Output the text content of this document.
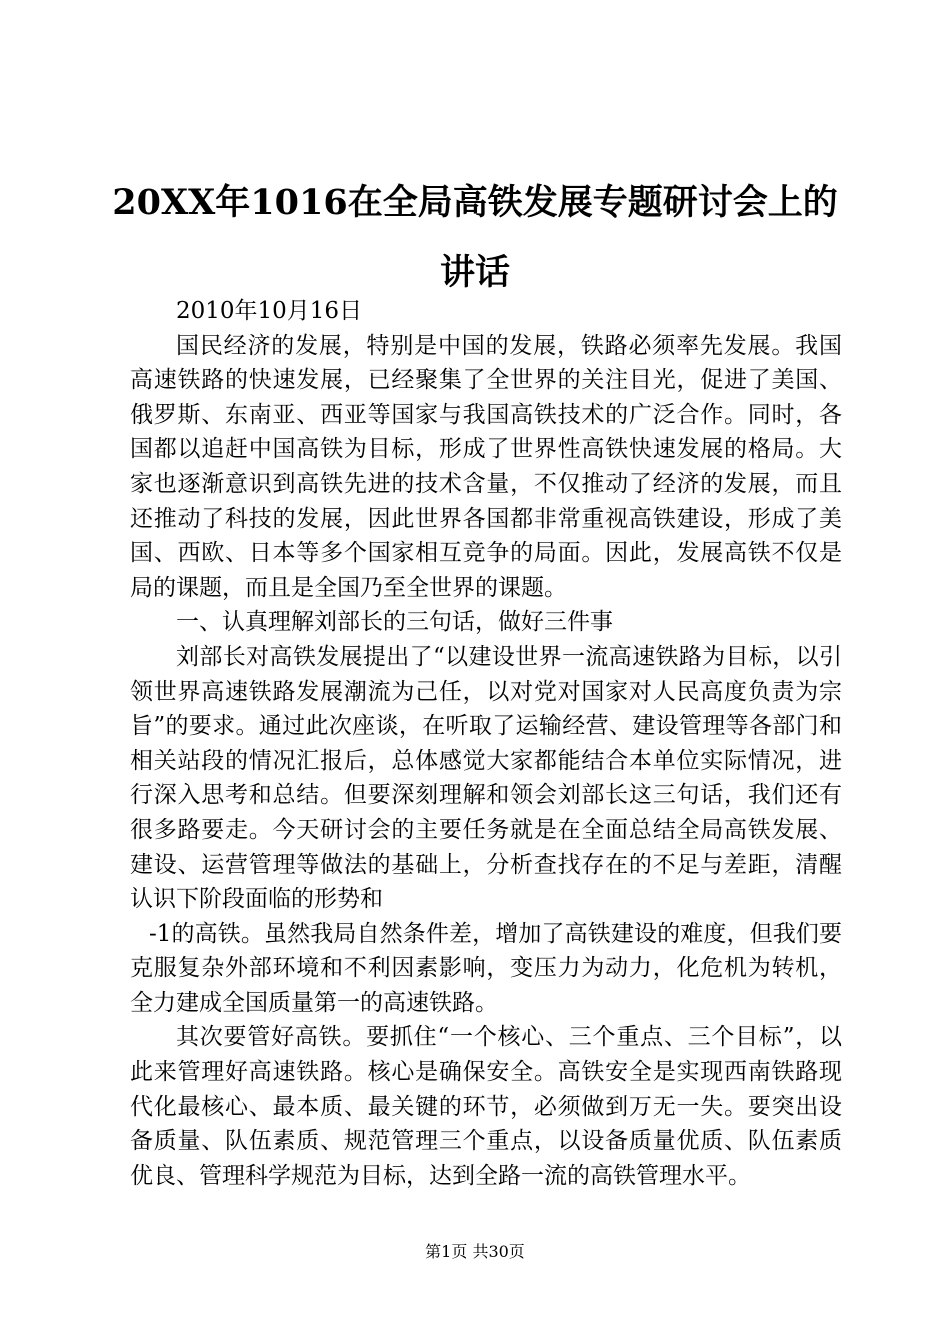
20XX年1016在全局高铁发展专题研讨会上的讲话

2010年10月16日

国民经济的发展，特别是中国的发展，铁路必须率先发展。我国高速铁路的快速发展，已经聚集了全世界的关注目光，促进了美国、俄罗斯、东南亚、西亚等国家与我国高铁技术的广泛合作。同时，各国都以追赶中国高铁为目标，形成了世界性高铁快速发展的格局。大家也逐渐意识到高铁先进的技术含量，不仅推动了经济的发展，而且还推动了科技的发展，因此世界各国都非常重视高铁建设，形成了美国、西欧、日本等多个国家相互竞争的局面。因此，发展高铁不仅是局的课题，而且是全国乃至全世界的课题。

一、认真理解刘部长的三句话，做好三件事

刘部长对高铁发展提出了“以建设世界一流高速铁路为目标，以引领世界高速铁路发展潮流为己任，以对党对国家对人民高度负责为宗旨”的要求。通过此次座谈，在听取了运输经营、建设管理等各部门和相关站段的情况汇报后，总体感觉大家都能结合本单位实际情况，进行深入思考和总结。但要深刻理解和领会刘部长这三句话，我们还有很多路要走。今天研讨会的主要任务就是在全面总结全局高铁发展、建设、运营管理等做法的基础上，分析查找存在的不足与差距，清醒认识下阶段面临的形势和

-1的高铁。虽然我局自然条件差，增加了高铁建设的难度，但我们要克服复杂外部环境和不利因素影响，变压力为动力，化危机为转机，全力建成全国质量第一的高速铁路。

其次要管好高铁。要抓住“一个核心、三个重点、三个目标”，以此来管理好高速铁路。核心是确保安全。高铁安全是实现西南铁路现代化最核心、最本质、最关键的环节，必须做到万无一失。要突出设备质量、队伍素质、规范管理三个重点，以设备质量优质、队伍素质优良、管理科学规范为目标，达到全路一流的高铁管理水平。

第1页 共30页
